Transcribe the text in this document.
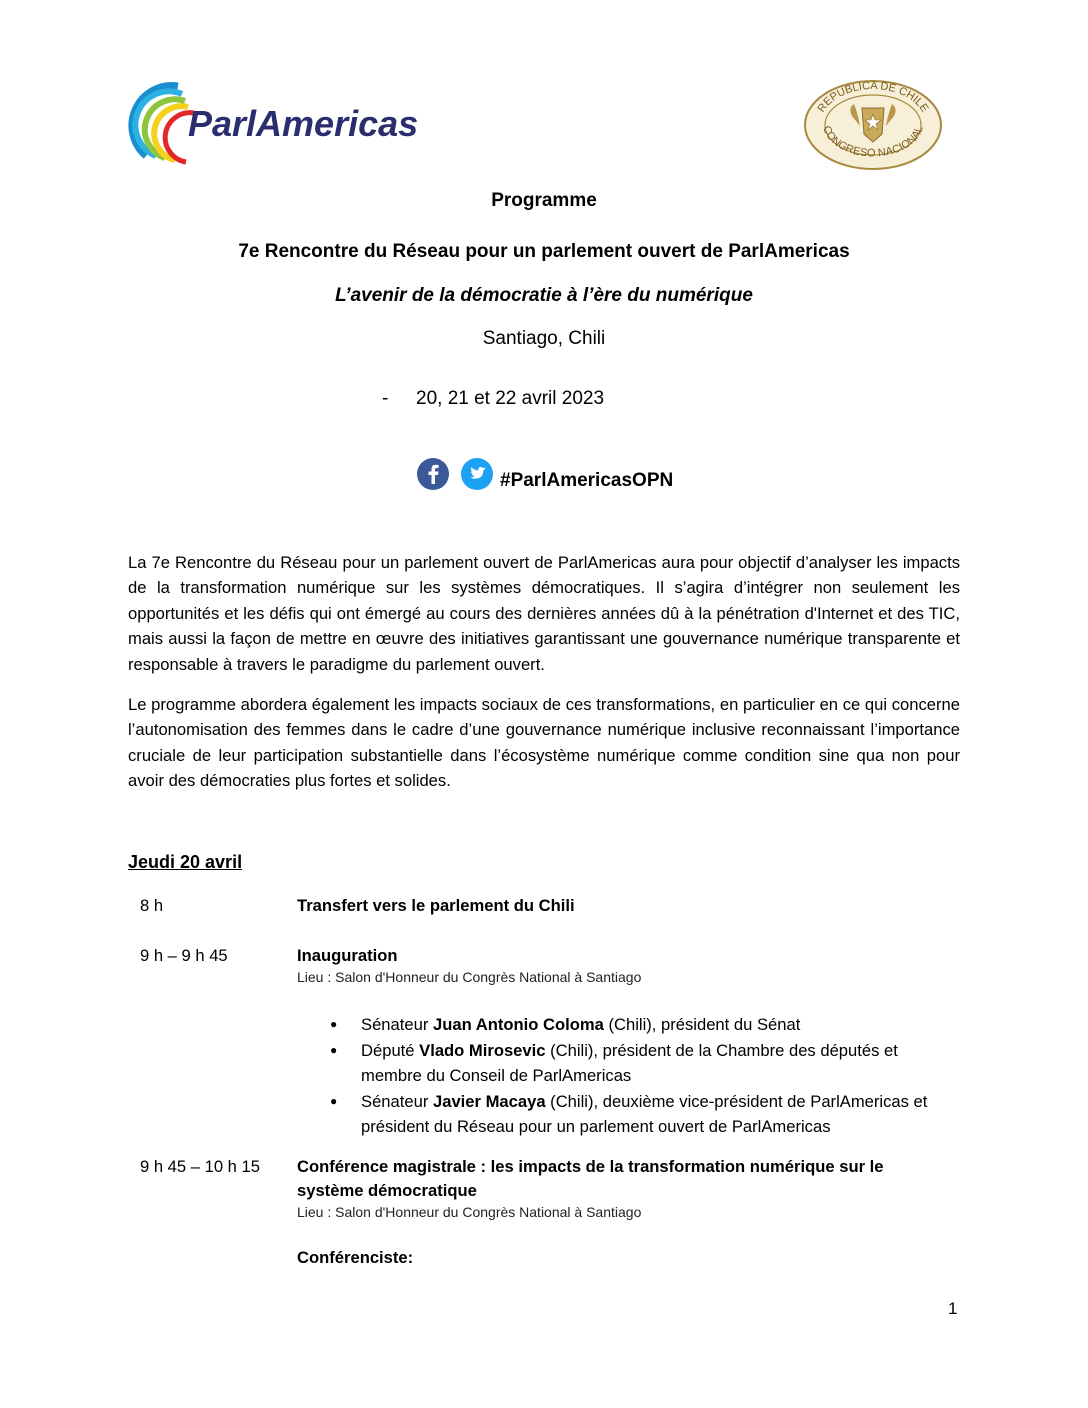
ParlAmericas	REPUBLICA DE CHILE
CONGRESO NACIONAL
Programme
7e Rencontre du Réseau pour un parlement ouvert de ParlAmericas
L’avenir de la démocratie à l’ère du numérique
Santiago, Chili
- 20, 21 et 22 avril 2023
#ParlAmericasOPN

La 7e Rencontre du Réseau pour un parlement ouvert de ParlAmericas aura pour objectif d’analyser les impacts de la transformation numérique sur les systèmes démocratiques. Il s’agira d’intégrer non seulement les opportunités et les défis qui ont émergé au cours des dernières années dû à la pénétration d'Internet et des TIC, mais aussi la façon de mettre en œuvre des initiatives garantissant une gouvernance numérique transparente et responsable à travers le paradigme du parlement ouvert.

Le programme abordera également les impacts sociaux de ces transformations, en particulier en ce qui concerne l’autonomisation des femmes dans le cadre d’une gouvernance numérique inclusive reconnaissant l’importance cruciale de leur participation substantielle dans l’écosystème numérique comme condition sine qua non pour avoir des démocraties plus fortes et solides.

Jeudi 20 avril
8 h	Transfert vers le parlement du Chili
9 h – 9 h 45	Inauguration
Lieu : Salon d'Honneur du Congrès National à Santiago
● Sénateur Juan Antonio Coloma (Chili), président du Sénat
● Député Vlado Mirosevic (Chili), président de la Chambre des députés et membre du Conseil de ParlAmericas
● Sénateur Javier Macaya (Chili), deuxième vice-président de ParlAmericas et président du Réseau pour un parlement ouvert de ParlAmericas
9 h 45 – 10 h 15 Conférence magistrale : les impacts de la transformation numérique sur le système démocratique
Lieu : Salon d'Honneur du Congrès National à Santiago
Conférenciste:
1
